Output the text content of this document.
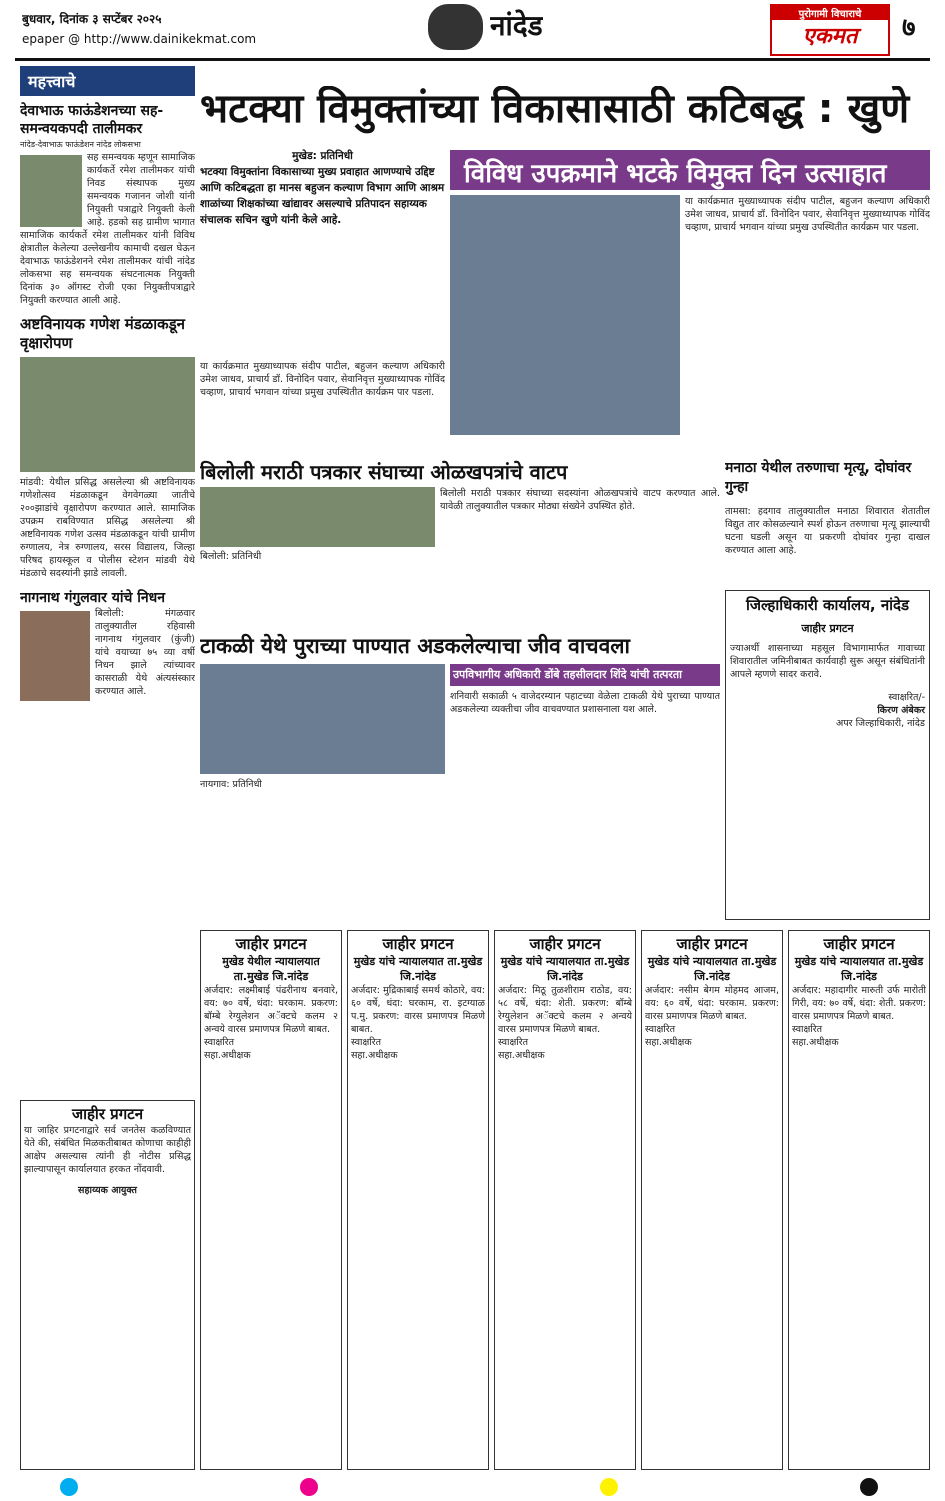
बुधवार, दिनांक ३ सप्टेंबर २०२५
epaper @ http://www.dainikekmat.com	नांदेड	पुरोगामी विचाराचे
एकमत	७
महत्त्वाचे
देवाभाऊ फाऊंडेशनच्या सह-समन्वयकपदी तालीमकर
नांदेड-देवाभाऊ फाऊंडेशन नांदेड लोकसभा
सह समन्वयक म्हणून सामाजिक कार्यकर्ते रमेश तालीमकर यांची निवड संस्थापक मुख्य समन्वयक गजानन जोशी यांनी नियुक्ती पत्राद्वारे नियुक्ती केली आहे. हडको सह ग्रामीण भागात सामाजिक कार्यकर्ते रमेश तालीमकर यांनी विविध क्षेत्रातील केलेल्या उल्लेखनीय कामाची दखल घेऊन देवाभाऊ फाऊंडेशनने रमेश तालीमकर यांची नांदेड लोकसभा सह समन्वयक संघटनात्मक नियुक्ती दिनांक ३० ऑगस्ट रोजी एका नियुक्तीपत्राद्वारे नियुक्ती करण्यात आली आहे.
अष्टविनायक गणेश मंडळाकडून वृक्षारोपण
मांडवी: येथील प्रसिद्ध असलेल्या श्री अष्टविनायक गणेशोत्सव मंडळाकडून वेगवेगळ्या जातीचे २००झाडांचे वृक्षारोपण करण्यात आले. सामाजिक उपक्रम राबविण्यात प्रसिद्ध असलेल्या श्री अष्टविनायक गणेश उत्सव मंडळाकडून यांची ग्रामीण रुग्णालय, नेत्र रुग्णालय, सरस विद्यालय, जिल्हा परिषद हायस्कूल व पोलीस स्टेशन मांडवी येथे मंडळाचे सदस्यांनी झाडे लावली.
नागनाथ गंगुलवार यांचे निधन
बिलोली: मंगळवार तालुक्यातील रहिवासी नागनाथ गंगुलवार (कुंजी) यांचे वयाच्या ७५ व्या वर्षी निधन झाले त्यांच्यावर कासराळी येथे अंत्यसंस्कार करण्यात आले.
भटक्या विमुक्तांच्या विकासासाठी कटिबद्ध : खुणे
मुखेड: प्रतिनिधी
भटक्या विमुक्तांना विकासाच्या मुख्य प्रवाहात आणण्याचे उद्दिष्ट आणि कटिबद्धता हा मानस बहुजन कल्याण विभाग आणि आश्रम शाळांच्या शिक्षकांच्या खांद्यावर असल्याचे प्रतिपादन सहाय्यक संचालक सचिन खुणे यांनी केले आहे.
विविध उपक्रमाने भटके विमुक्त दिन उत्साहात
या कार्यक्रमात मुख्याध्यापक संदीप पाटील, बहुजन कल्याण अधिकारी उमेश जाधव, प्राचार्य डॉ. विनोदिन पवार, सेवानिवृत्त मुख्याध्यापक गोविंद चव्हाण, प्राचार्य भगवान यांच्या प्रमुख उपस्थितीत कार्यक्रम पार पडला.
या कार्यक्रमात मुख्याध्यापक संदीप पाटील, बहुजन कल्याण अधिकारी उमेश जाधव, प्राचार्य डॉ. विनोदिन पवार, सेवानिवृत्त मुख्याध्यापक गोविंद चव्हाण, प्राचार्य भगवान यांच्या प्रमुख उपस्थितीत कार्यक्रम पार पडला.
बिलोली मराठी पत्रकार संघाच्या ओळखपत्रांचे वाटप
बिलोली: प्रतिनिधी
बिलोली मराठी पत्रकार संघाच्या सदस्यांना ओळखपत्रांचे वाटप करण्यात आले. यावेळी तालुक्यातील पत्रकार मोठ्या संख्येने उपस्थित होते.
मनाठा येथील तरुणाचा मृत्यू, दोघांवर गुन्हा
तामसा: हदगाव तालुक्यातील मनाठा शिवारात शेतातील विद्युत तार कोसळल्याने स्पर्श होऊन तरुणाचा मृत्यू झाल्याची घटना घडली असून या प्रकरणी दोघांवर गुन्हा दाखल करण्यात आला आहे.
जिल्हाधिकारी कार्यालय, नांदेड
जाहीर प्रगटन
ज्याअर्थी शासनाच्या महसूल विभागामार्फत गावाच्या शिवारातील जमिनीबाबत कार्यवाही सुरू असून संबंधितांनी आपले म्हणणे सादर करावे.
स्वाक्षरित/-
किरण अंबेकर
अपर जिल्हाधिकारी, नांदेड
टाकळी येथे पुराच्या पाण्यात अडकलेल्याचा जीव वाचवला
उपविभागीय अधिकारी डोंबे तहसीलदार शिंदे यांची तत्परता
नायगाव: प्रतिनिधी
शनिवारी सकाळी ५ वाजेदरम्यान पहाटच्या वेळेला टाकळी येथे पुराच्या पाण्यात अडकलेल्या व्यक्तीचा जीव वाचवण्यात प्रशासनाला यश आले.
जाहीर प्रगटन
मुखेड येथील न्यायालयात ता.मुखेड जि.नांदेड
अर्जदार: लक्ष्मीबाई पंढरीनाथ बनवारे, वय: ७० वर्षे, धंदा: घरकाम. प्रकरण: बॉम्बे रेग्युलेशन अॅक्टचे कलम २ अन्वये वारस प्रमाणपत्र मिळणे बाबत.
स्वाक्षरित
सहा.अधीक्षक
जाहीर प्रगटन
मुखेड यांचे न्यायालयात ता.मुखेड जि.नांदेड
अर्जदार: मुद्रिकाबाई समर्थ कोठारे, वय: ६० वर्षे, धंदा: घरकाम, रा. इटग्याळ प.मु. प्रकरण: वारस प्रमाणपत्र मिळणे बाबत.
स्वाक्षरित
सहा.अधीक्षक
जाहीर प्रगटन
मुखेड यांचे न्यायालयात ता.मुखेड जि.नांदेड
अर्जदार: मिठू तुळशीराम राठोड, वय: ५८ वर्षे, धंदा: शेती. प्रकरण: बॉम्बे रेग्युलेशन अॅक्टचे कलम २ अन्वये वारस प्रमाणपत्र मिळणे बाबत.
स्वाक्षरित
सहा.अधीक्षक
जाहीर प्रगटन
मुखेड यांचे न्यायालयात ता.मुखेड जि.नांदेड
अर्जदार: नसीम बेगम मोहमद आजम, वय: ६० वर्षे, धंदा: घरकाम. प्रकरण: वारस प्रमाणपत्र मिळणे बाबत.
स्वाक्षरित
सहा.अधीक्षक
जाहीर प्रगटन
मुखेड यांचे न्यायालयात ता.मुखेड जि.नांदेड
अर्जदार: महादागीर मारुती उर्फ मारोती गिरी, वय: ७० वर्षे, धंदा: शेती. प्रकरण: वारस प्रमाणपत्र मिळणे बाबत.
स्वाक्षरित
सहा.अधीक्षक
जाहीर प्रगटन
या जाहिर प्रगटनाद्वारे सर्व जनतेस कळविण्यात येते की, संबंधित मिळकतीबाबत कोणाचा काहीही आक्षेप असल्यास त्यांनी ही नोटीस प्रसिद्ध झाल्यापासून कार्यालयात हरकत नोंदवावी.
सहाय्यक आयुक्त
